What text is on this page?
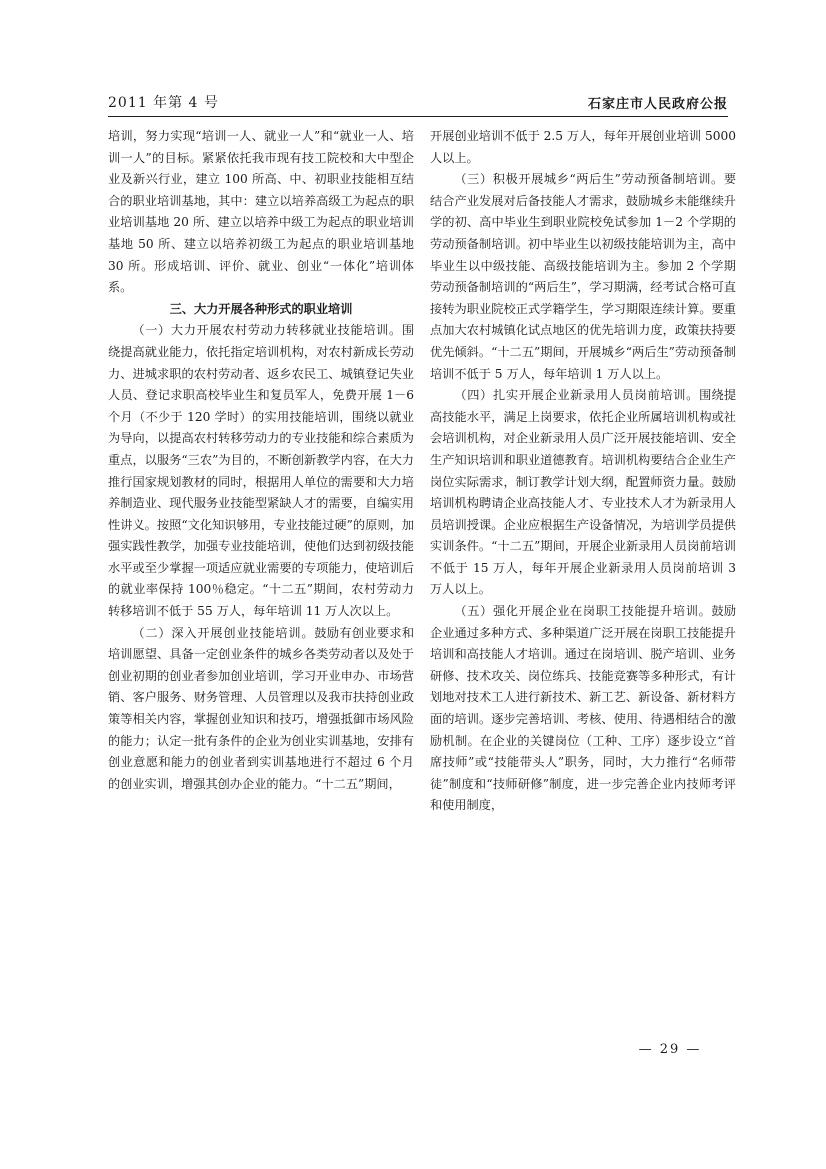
2011 年第 4 号	石家庄市人民政府公报

培训，努力实现“培训一人、就业一人”和“就业一人、培训一人”的目标。紧紧依托我市现有技工院校和大中型企业及新兴行业，建立 100 所高、中、初职业技能相互结合的职业培训基地，其中：建立以培养高级工为起点的职业培训基地 20 所、建立以培养中级工为起点的职业培训基地 50 所、建立以培养初级工为起点的职业培训基地 30 所。形成培训、评价、就业、创业“一体化”培训体系。

三、大力开展各种形式的职业培训

（一）大力开展农村劳动力转移就业技能培训。围绕提高就业能力，依托指定培训机构，对农村新成长劳动力、进城求职的农村劳动者、返乡农民工、城镇登记失业人员、登记求职高校毕业生和复员军人，免费开展 1－6 个月（不少于 120 学时）的实用技能培训，围绕以就业为导向，以提高农村转移劳动力的专业技能和综合素质为重点，以服务“三农”为目的，不断创新教学内容，在大力推行国家规划教材的同时，根据用人单位的需要和大力培养制造业、现代服务业技能型紧缺人才的需要，自编实用性讲义。按照“文化知识够用，专业技能过硬”的原则，加强实践性教学，加强专业技能培训，使他们达到初级技能水平或至少掌握一项适应就业需要的专项能力，使培训后的就业率保持 100％稳定。“十二五”期间，农村劳动力转移培训不低于 55 万人，每年培训 11 万人次以上。

（二）深入开展创业技能培训。鼓励有创业要求和培训愿望、具备一定创业条件的城乡各类劳动者以及处于创业初期的创业者参加创业培训，学习开业申办、市场营销、客户服务、财务管理、人员管理以及我市扶持创业政策等相关内容，掌握创业知识和技巧，增强抵御市场风险的能力；认定一批有条件的企业为创业实训基地，安排有创业意愿和能力的创业者到实训基地进行不超过 6 个月的创业实训，增强其创办企业的能力。“十二五”期间，

开展创业培训不低于 2.5 万人，每年开展创业培训 5000 人以上。

（三）积极开展城乡“两后生”劳动预备制培训。要结合产业发展对后备技能人才需求，鼓励城乡未能继续升学的初、高中毕业生到职业院校免试参加 1－2 个学期的劳动预备制培训。初中毕业生以初级技能培训为主，高中毕业生以中级技能、高级技能培训为主。参加 2 个学期劳动预备制培训的“两后生”，学习期满，经考试合格可直接转为职业院校正式学籍学生，学习期限连续计算。要重点加大农村城镇化试点地区的优先培训力度，政策扶持要优先倾斜。“十二五”期间，开展城乡“两后生”劳动预备制培训不低于 5 万人，每年培训 1 万人以上。

（四）扎实开展企业新录用人员岗前培训。围绕提高技能水平，满足上岗要求，依托企业所属培训机构或社会培训机构，对企业新录用人员广泛开展技能培训、安全生产知识培训和职业道德教育。培训机构要结合企业生产岗位实际需求，制订教学计划大纲，配置师资力量。鼓励培训机构聘请企业高技能人才、专业技术人才为新录用人员培训授课。企业应根据生产设备情况，为培训学员提供实训条件。“十二五”期间，开展企业新录用人员岗前培训不低于 15 万人，每年开展企业新录用人员岗前培训 3 万人以上。

（五）强化开展企业在岗职工技能提升培训。鼓励企业通过多种方式、多种渠道广泛开展在岗职工技能提升培训和高技能人才培训。通过在岗培训、脱产培训、业务研修、技术攻关、岗位练兵、技能竞赛等多种形式，有计划地对技术工人进行新技术、新工艺、新设备、新材料方面的培训。逐步完善培训、考核、使用、待遇相结合的激励机制。在企业的关键岗位（工种、工序）逐步设立“首席技师”或“技能带头人”职务，同时，大力推行“名师带徒”制度和“技师研修”制度，进一步完善企业内技师考评和使用制度，

— 29 —
